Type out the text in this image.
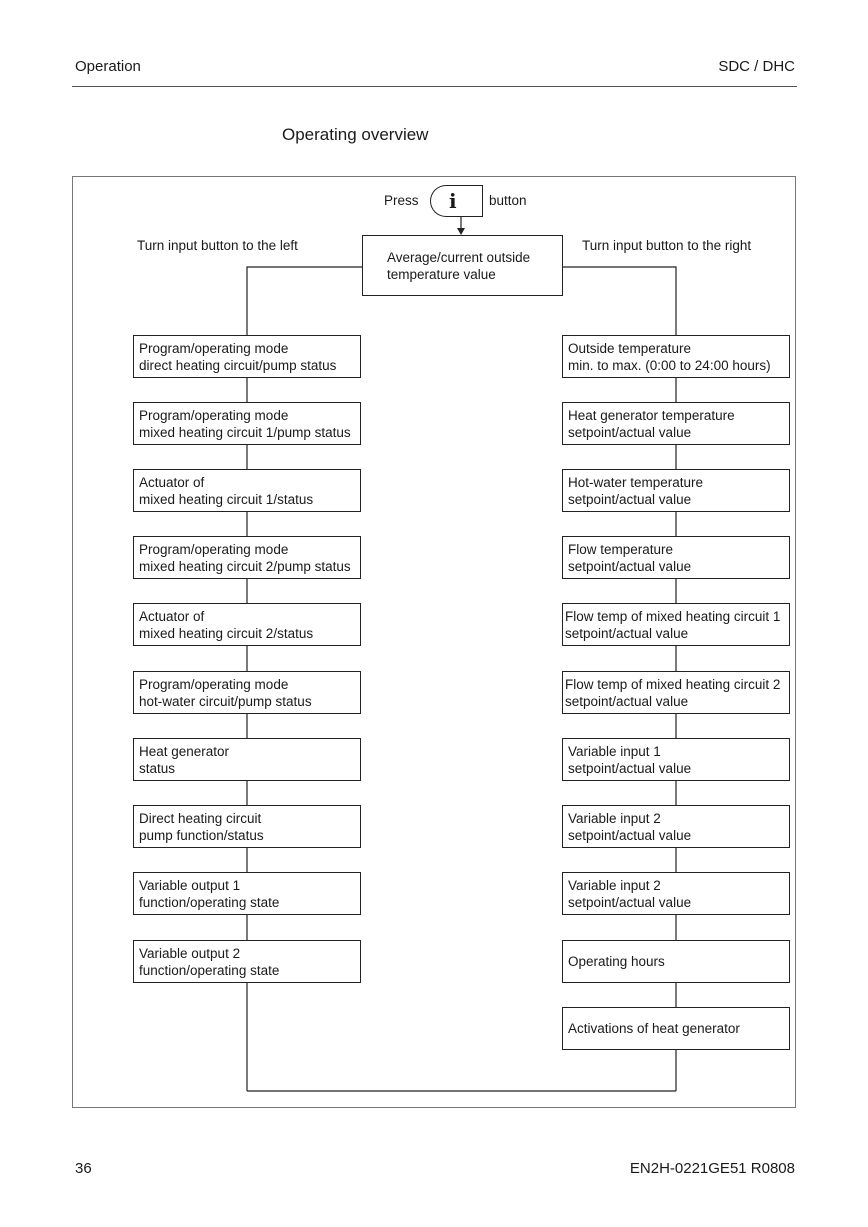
Operation	SDC / DHC
Operating overview
Press i button
Turn input button to the left	Turn input button to the right
Average/current outside
temperature value
Program/operating mode
direct heating circuit/pump status
Program/operating mode
mixed heating circuit 1/pump status
Actuator of
mixed heating circuit 1/status
Program/operating mode
mixed heating circuit 2/pump status
Actuator of
mixed heating circuit 2/status
Program/operating mode
hot-water circuit/pump status
Heat generator
status
Direct heating circuit
pump function/status
Variable output 1
function/operating state
Variable output 2
function/operating state
Outside temperature
min. to max. (0:00 to 24:00 hours)
Heat generator temperature
setpoint/actual value
Hot-water temperature
setpoint/actual value
Flow temperature
setpoint/actual value
Flow temp of mixed heating circuit 1
setpoint/actual value
Flow temp of mixed heating circuit 2
setpoint/actual value
Variable input 1
setpoint/actual value
Variable input 2
setpoint/actual value
Variable input 2
setpoint/actual value
Operating hours
Activations of heat generator
36	EN2H-0221GE51 R0808
